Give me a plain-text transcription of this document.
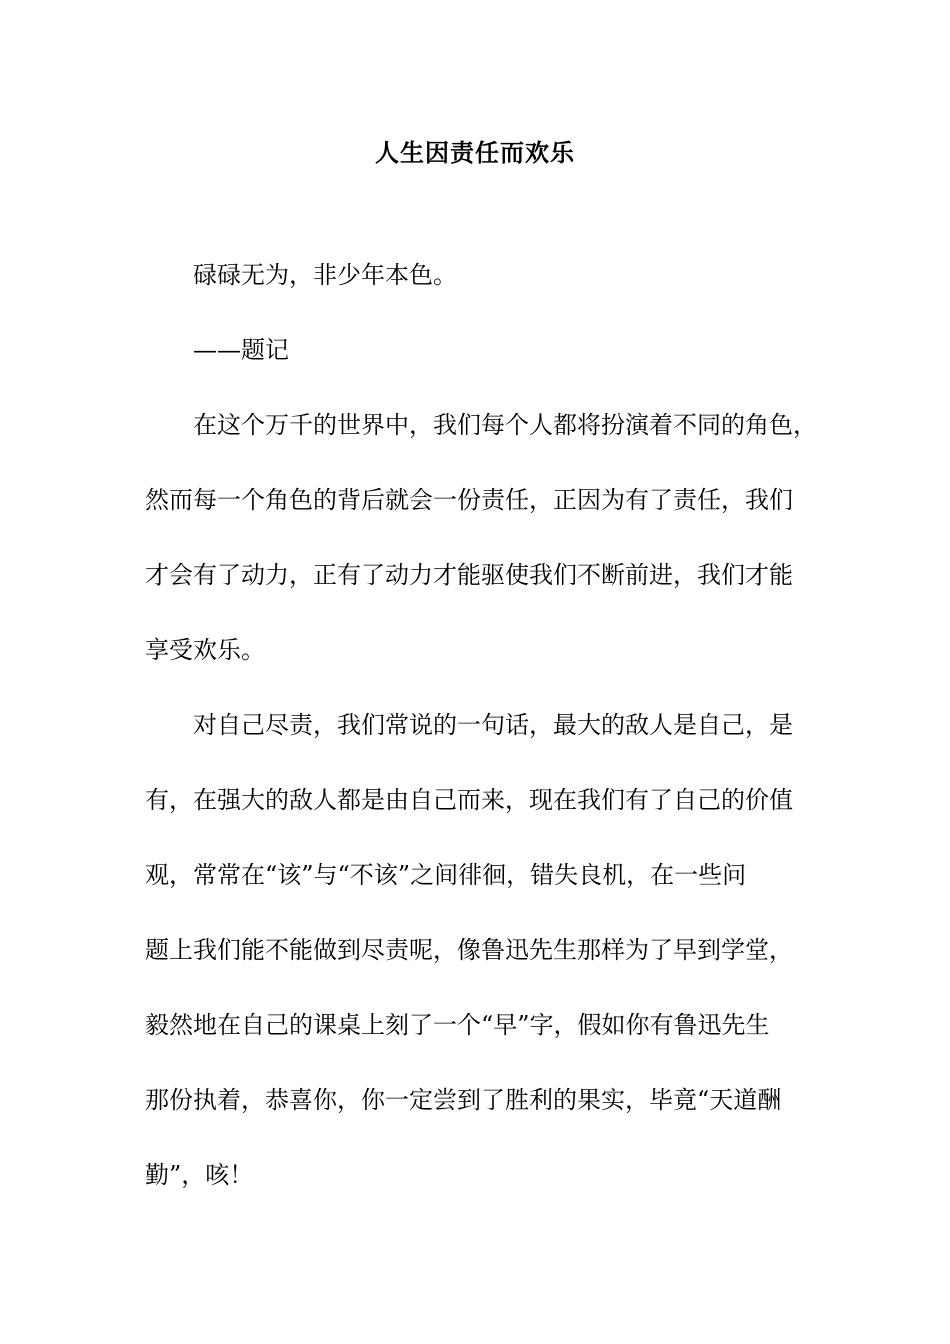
人生因责任而欢乐
碌碌无为，非少年本色。
——题记
在这个万千的世界中，我们每个人都将扮演着不同的角色，
然而每一个角色的背后就会一份责任，正因为有了责任，我们
才会有了动力，正有了动力才能驱使我们不断前进，我们才能
享受欢乐。
对自己尽责，我们常说的一句话，最大的敌人是自己，是
有，在强大的敌人都是由自己而来，现在我们有了自己的价值
观，常常在“该”与“不该”之间徘徊，错失良机，在一些问
题上我们能不能做到尽责呢，像鲁迅先生那样为了早到学堂，
毅然地在自己的课桌上刻了一个“早”字，假如你有鲁迅先生
那份执着，恭喜你，你一定尝到了胜利的果实，毕竟“天道酬
勤”，咳！
